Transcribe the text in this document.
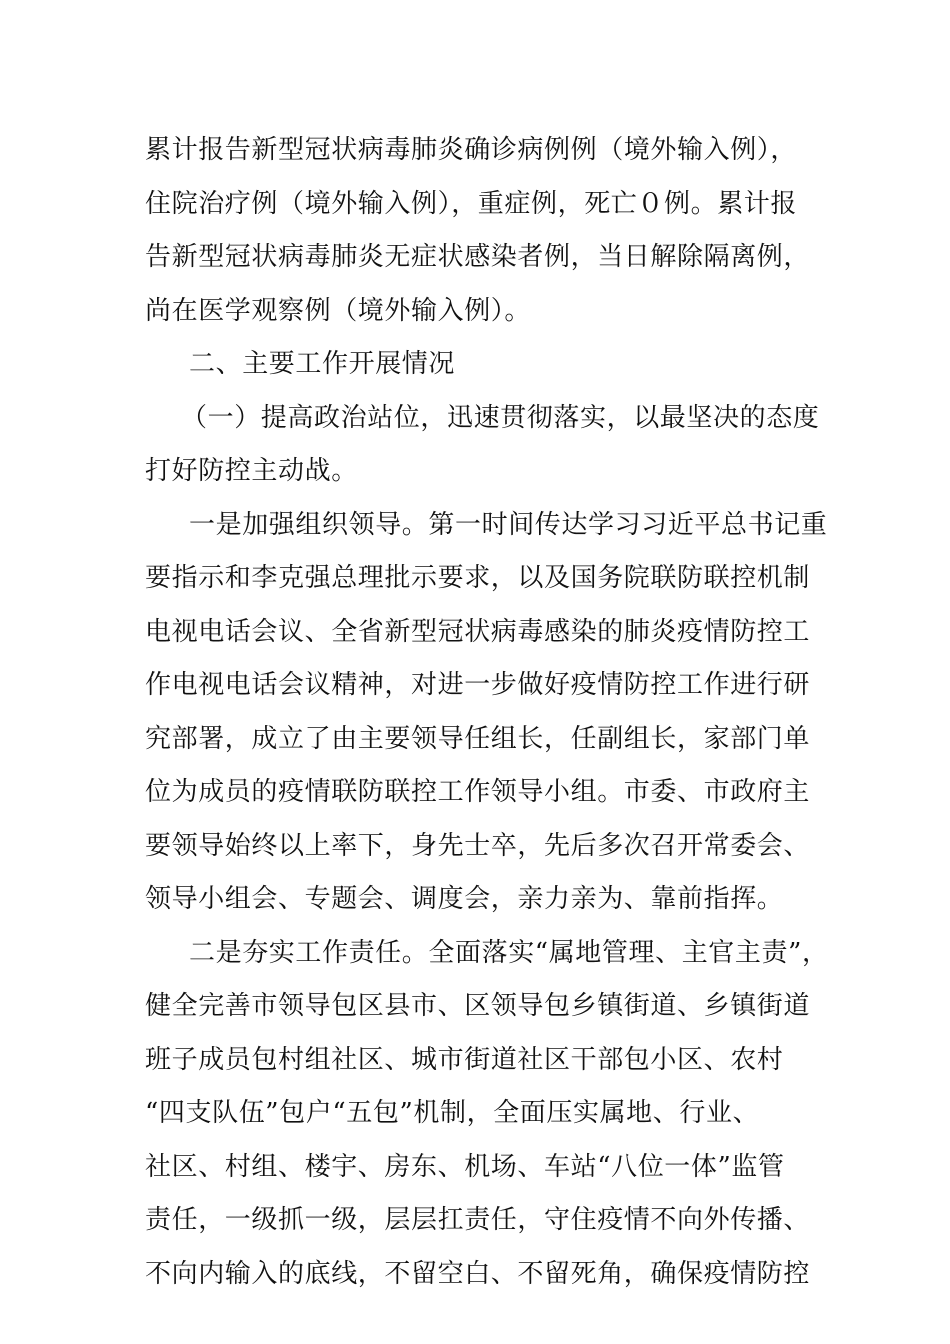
累计报告新型冠状病毒肺炎确诊病例例（境外输入例），
住院治疗例（境外输入例），重症例，死亡０例。累计报
告新型冠状病毒肺炎无症状感染者例，当日解除隔离例，
尚在医学观察例（境外输入例）。
二、主要工作开展情况
（一）提高政治站位，迅速贯彻落实，以最坚决的态度
打好防控主动战。
一是加强组织领导。第一时间传达学习习近平总书记重
要指示和李克强总理批示要求，以及国务院联防联控机制
电视电话会议、全省新型冠状病毒感染的肺炎疫情防控工
作电视电话会议精神，对进一步做好疫情防控工作进行研
究部署，成立了由主要领导任组长，任副组长，家部门单
位为成员的疫情联防联控工作领导小组。市委、市政府主
要领导始终以上率下，身先士卒，先后多次召开常委会、
领导小组会、专题会、调度会，亲力亲为、靠前指挥。
二是夯实工作责任。全面落实“属地管理、主官主责”，
健全完善市领导包区县市、区领导包乡镇街道、乡镇街道
班子成员包村组社区、城市街道社区干部包小区、农村
“四支队伍”包户“五包”机制，全面压实属地、行业、
社区、村组、楼宇、房东、机场、车站“八位一体”监管
责任，一级抓一级，层层扛责任，守住疫情不向外传播、
不向内输入的底线，不留空白、不留死角，确保疫情防控
